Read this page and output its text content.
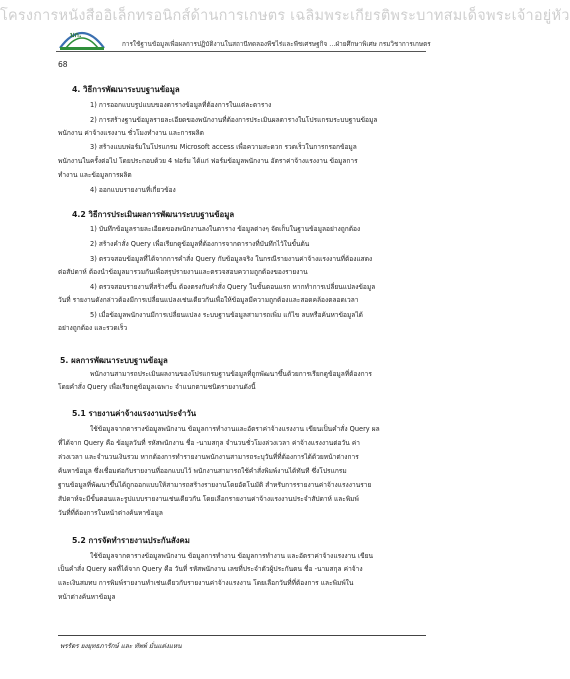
โครงการหนังสืออิเล็กทรอนิกส์ด้านการเกษตร เฉลิมพระเกียรติพระบาทสมเด็จพระเจ้าอยู่หัว
มก.
การใช้ฐานข้อมูลเพื่อผลการปฏิบัติงานในสถานีทดลองพืชไร่และพืชเศรษฐกิจ ...ฝ่ายศึกษาพิเศษ กรมวิชาการเกษตร
68
4. วิธีการพัฒนาระบบฐานข้อมูล
1) การออกแบบรูปแบบของตารางข้อมูลที่ต้องการในแต่ละตาราง
2) การสร้างฐานข้อมูลรายละเอียดของพนักงานที่ต้องการประเมินผลตารางในโปรแกรมระบบฐานข้อมูล
พนักงาน ค่าจ้างแรงงาน ชั่วโมงทำงาน และการผลิต
3) สร้างแบบฟอร์มในโปรแกรม Microsoft access เพื่อความสะดวก รวดเร็วในการกรอกข้อมูล
พนักงานในครั้งต่อไป โดยประกอบด้วย 4 ฟอร์ม ได้แก่ ฟอร์มข้อมูลพนักงาน อัตราค่าจ้างแรงงาน ข้อมูลการ
ทำงาน และข้อมูลการผลิต
4) ออกแบบรายงานที่เกี่ยวข้อง
4.2 วิธีการประเมินผลการพัฒนาระบบฐานข้อมูล
1) บันทึกข้อมูลรายละเอียดของพนักงานลงในตาราง ข้อมูลต่างๆ จัดเก็บในฐานข้อมูลอย่างถูกต้อง
2) สร้างคำสั่ง Query เพื่อเรียกดูข้อมูลที่ต้องการจากตารางที่บันทึกไว้ในขั้นต้น
3) ตรวจสอบข้อมูลที่ได้จากการคำสั่ง Query กับข้อมูลจริง ในกรณีรายงานค่าจ้างแรงงานที่ต้องแสดง
ต่อสัปดาห์ ต้องนำข้อมูลมารวมกันเพื่อสรุปรายงานและตรวจสอบความถูกต้องของรายงาน
4) ตรวจสอบรายงานที่สร้างขึ้น ต้องตรงกับคำสั่ง Query ในขั้นตอนแรก หากทำการเปลี่ยนแปลงข้อมูล
วันที่ รายงานดังกล่าวต้องมีการเปลี่ยนแปลงเช่นเดียวกันเพื่อให้ข้อมูลมีความถูกต้องและสอดคล้องตลอดเวลา
5) เมื่อข้อมูลพนักงานมีการเปลี่ยนแปลง ระบบฐานข้อมูลสามารถเพิ่ม แก้ไข ลบหรือค้นหาข้อมูลได้
อย่างถูกต้อง และรวดเร็ว
5. ผลการพัฒนาระบบฐานข้อมูล
พนักงานสามารถประเมินผลงานของโปรแกรมฐานข้อมูลที่ถูกพัฒนาขึ้นด้วยการเรียกดูข้อมูลที่ต้องการ
โดยคำสั่ง Query เพื่อเรียกดูข้อมูลเฉพาะ จำแนกตามชนิดรายงานดังนี้
5.1 รายงานค่าจ้างแรงงานประจำวัน
ใช้ข้อมูลจากตารางข้อมูลพนักงาน ข้อมูลการทำงานและอัตราค่าจ้างแรงงาน เขียนเป็นคำสั่ง Query ผล
ที่ได้จาก Query คือ ข้อมูลวันที่ รหัสพนักงาน ชื่อ -นามสกุล จำนวนชั่วโมงล่วงเวลา ค่าจ้างแรงงานต่อวัน ค่า
ล่วงเวลา และจำนวนเงินรวม หากต้องการทำรายงานพนักงานสามารถระบุวันที่ที่ต้องการได้ด้วยหน้าต่างการ
ค้นหาข้อมูล ซึ่งเชื่อมต่อกับรายงานที่ออกแบบไว้ พนักงานสามารถใช้คำสั่งพิมพ์งานได้ทันที ซึ่งโปรแกรม
ฐานข้อมูลที่พัฒนาขึ้นได้ถูกออกแบบให้สามารถสร้างรายงานโดยอัตโนมัติ สำหรับการรายงานค่าจ้างแรงงานราย
สัปดาห์จะมีขั้นตอนและรูปแบบรายงานเช่นเดียวกัน โดยเลือกรายงานค่าจ้างแรงงานประจำสัปดาห์ และพิมพ์
วันที่ที่ต้องการในหน้าต่างค้นหาข้อมูล
5.2 การจัดทำรายงานประกันสังคม
ใช้ข้อมูลจากตารางข้อมูลพนักงาน ข้อมูลการทำงาน ข้อมูลการทำงาน และอัตราค่าจ้างแรงงาน เขียน
เป็นคำสั่ง Query ผลที่ได้จาก Query คือ วันที่ รหัสพนักงาน เลขที่ประจำตัวผู้ประกันตน ชื่อ -นามสกุล ค่าจ้าง
และเงินสมทบ การพิมพ์รายงานทำเช่นเดียวกับรายงานค่าจ้างแรงงาน โดยเลือกวันที่ที่ต้องการ และพิมพ์ใน
หน้าต่างค้นหาข้อมูล
พรรัตร ยงยุทธภารักษ์ และ ทัพพ์ มั่นแต่งแหน
